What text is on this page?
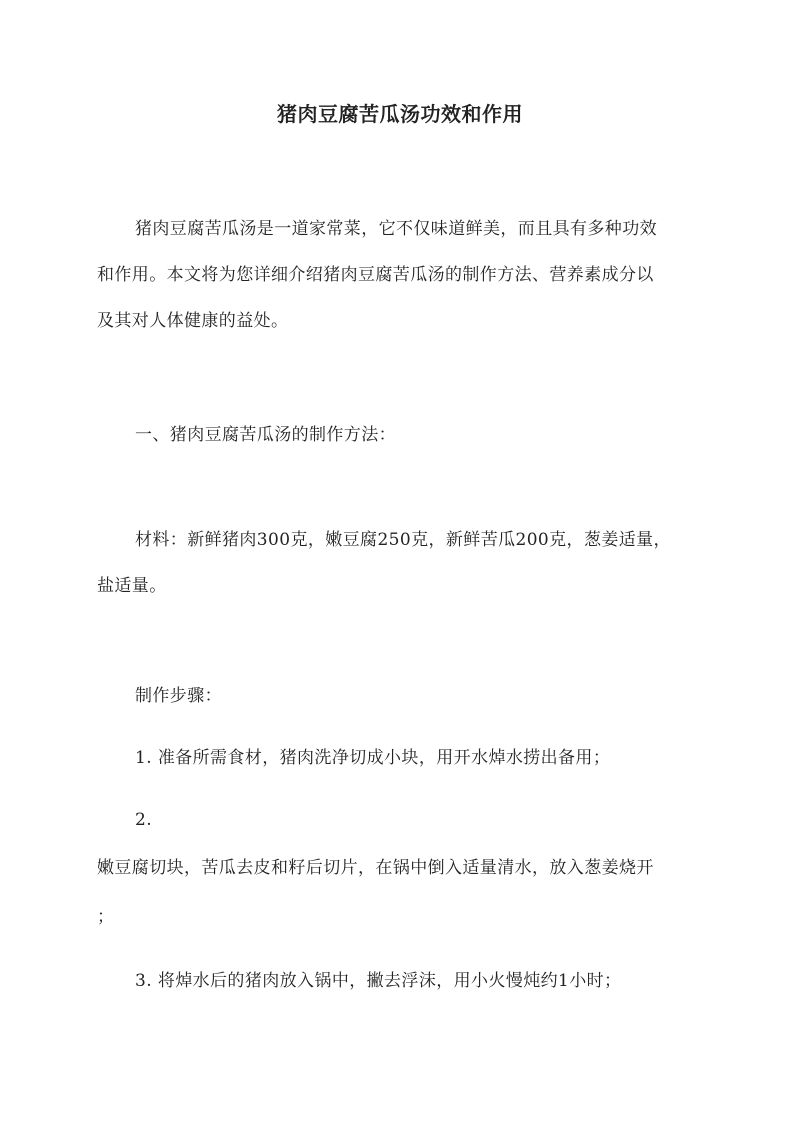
猪肉豆腐苦瓜汤功效和作用
猪肉豆腐苦瓜汤是一道家常菜，它不仅味道鲜美，而且具有多种功效
和作用。本文将为您详细介绍猪肉豆腐苦瓜汤的制作方法、营养素成分以
及其对人体健康的益处。
一、猪肉豆腐苦瓜汤的制作方法：
材料：新鲜猪肉300克，嫩豆腐250克，新鲜苦瓜200克，葱姜适量，
盐适量。
制作步骤：
1. 准备所需食材，猪肉洗净切成小块，用开水焯水捞出备用；
2.
嫩豆腐切块，苦瓜去皮和籽后切片，在锅中倒入适量清水，放入葱姜烧开
；
3. 将焯水后的猪肉放入锅中，撇去浮沫，用小火慢炖约1小时；
